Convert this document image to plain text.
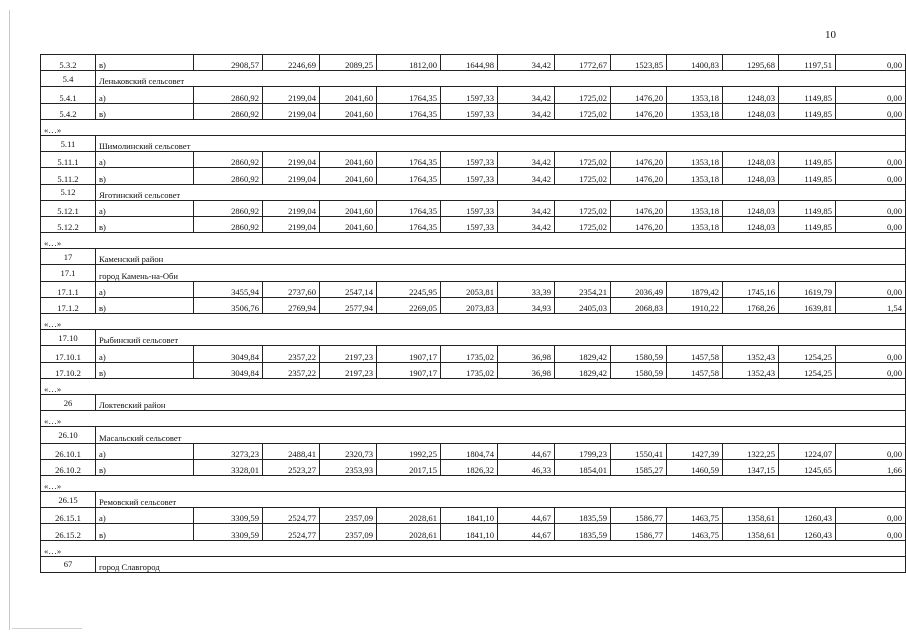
10
5.3.2	в)	2908,57	2246,69	2089,25	1812,00	1644,98	34,42	1772,67	1523,85	1400,83	1295,68	1197,51	0,00
5.4	Леньковский сельсовет												
5.4.1	а)	2860,92	2199,04	2041,60	1764,35	1597,33	34,42	1725,02	1476,20	1353,18	1248,03	1149,85	0,00
5.4.2	в)	2860,92	2199,04	2041,60	1764,35	1597,33	34,42	1725,02	1476,20	1353,18	1248,03	1149,85	0,00
«…»													
5.11	Шимолинский сельсовет												
5.11.1	а)	2860,92	2199,04	2041,60	1764,35	1597,33	34,42	1725,02	1476,20	1353,18	1248,03	1149,85	0,00
5.11.2	в)	2860,92	2199,04	2041,60	1764,35	1597,33	34,42	1725,02	1476,20	1353,18	1248,03	1149,85	0,00
5.12	Яготинский сельсовет												
5.12.1	а)	2860,92	2199,04	2041,60	1764,35	1597,33	34,42	1725,02	1476,20	1353,18	1248,03	1149,85	0,00
5.12.2	в)	2860,92	2199,04	2041,60	1764,35	1597,33	34,42	1725,02	1476,20	1353,18	1248,03	1149,85	0,00
«…»													
17	Каменский район												
17.1	город Камень-на-Оби												
17.1.1	а)	3455,94	2737,60	2547,14	2245,95	2053,81	33,39	2354,21	2036,49	1879,42	1745,16	1619,79	0,00
17.1.2	в)	3506,76	2769,94	2577,94	2269,05	2073,83	34,93	2405,03	2068,83	1910,22	1768,26	1639,81	1,54
«…»													
17.10	Рыбинский сельсовет												
17.10.1	а)	3049,84	2357,22	2197,23	1907,17	1735,02	36,98	1829,42	1580,59	1457,58	1352,43	1254,25	0,00
17.10.2	в)	3049,84	2357,22	2197,23	1907,17	1735,02	36,98	1829,42	1580,59	1457,58	1352,43	1254,25	0,00
«…»													
26	Локтевский район												
«…»													
26.10	Масальский сельсовет												
26.10.1	а)	3273,23	2488,41	2320,73	1992,25	1804,74	44,67	1799,23	1550,41	1427,39	1322,25	1224,07	0,00
26.10.2	в)	3328,01	2523,27	2353,93	2017,15	1826,32	46,33	1854,01	1585,27	1460,59	1347,15	1245,65	1,66
«…»													
26.15	Ремовский сельсовет												
26.15.1	а)	3309,59	2524,77	2357,09	2028,61	1841,10	44,67	1835,59	1586,77	1463,75	1358,61	1260,43	0,00
26.15.2	в)	3309,59	2524,77	2357,09	2028,61	1841,10	44,67	1835,59	1586,77	1463,75	1358,61	1260,43	0,00
«…»													
67	город Славгород												
